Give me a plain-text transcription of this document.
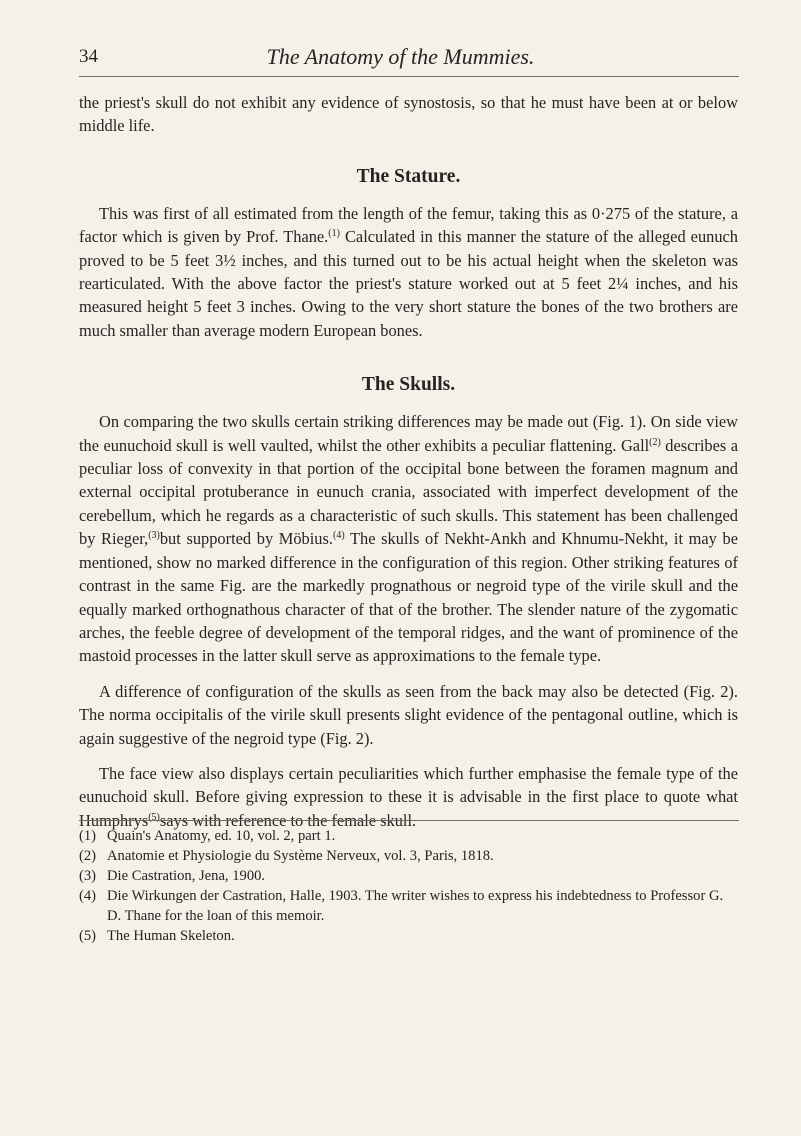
34	The Anatomy of the Mummies.

the priest's skull do not exhibit any evidence of synostosis, so that he must have been at or below middle life.

The Stature.

This was first of all estimated from the length of the femur, taking this as 0·275 of the stature, a factor which is given by Prof. Thane.$^{(1)}$ Calculated in this manner the stature of the alleged eunuch proved to be 5 feet 3½ inches, and this turned out to be his actual height when the skeleton was rearticulated. With the above factor the priest's stature worked out at 5 feet 2¼ inches, and his measured height 5 feet 3 inches. Owing to the very short stature the bones of the two brothers are much smaller than average modern European bones.

The Skulls.

On comparing the two skulls certain striking differences may be made out (Fig. 1). On side view the eunuchoid skull is well vaulted, whilst the other exhibits a peculiar flattening. Gall$^{(2)}$ describes a peculiar loss of convexity in that portion of the occipital bone between the foramen magnum and external occipital protuberance in eunuch crania, associated with imperfect development of the cerebellum, which he regards as a characteristic of such skulls. This statement has been challenged by Rieger,$^{(3)}$but supported by Möbius.$^{(4)}$ The skulls of Nekht-Ankh and Khnumu-Nekht, it may be mentioned, show no marked difference in the configuration of this region. Other striking features of contrast in the same Fig. are the markedly prognathous or negroid type of the virile skull and the equally marked orthognathous character of that of the brother. The slender nature of the zygomatic arches, the feeble degree of development of the temporal ridges, and the want of prominence of the mastoid processes in the latter skull serve as approximations to the female type.

A difference of configuration of the skulls as seen from the back may also be detected (Fig. 2). The norma occipitalis of the virile skull presents slight evidence of the pentagonal outline, which is again suggestive of the negroid type (Fig. 2).

The face view also displays certain peculiarities which further emphasise the female type of the eunuchoid skull. Before giving expression to these it is advisable in the first place to quote what Humphrys$^{(5)}$says with reference to the female skull.

(1) Quain's Anatomy, ed. 10, vol. 2, part 1.
(2) Anatomie et Physiologie du Système Nerveux, vol. 3, Paris, 1818.
(3) Die Castration, Jena, 1900.
(4) Die Wirkungen der Castration, Halle, 1903. The writer wishes to express his indebtedness to Professor G. D. Thane for the loan of this memoir.
(5) The Human Skeleton.
